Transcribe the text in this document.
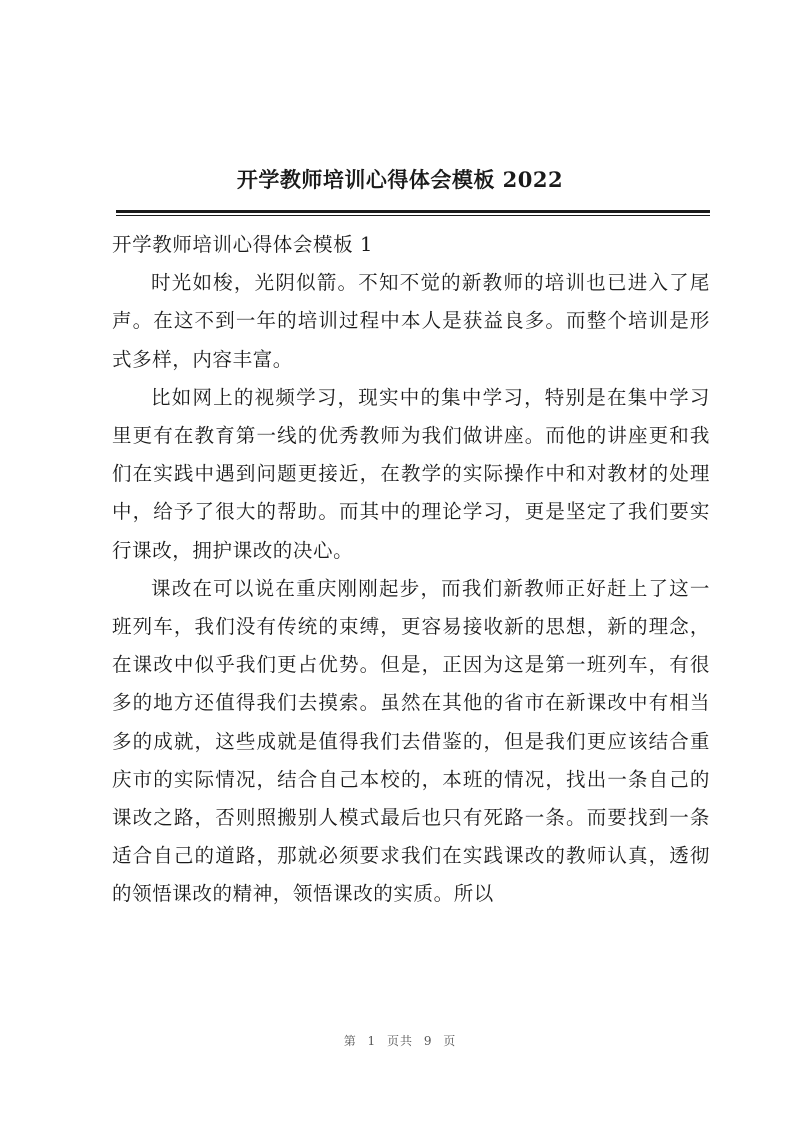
开学教师培训心得体会模板 2022
开学教师培训心得体会模板 1

时光如梭，光阴似箭。不知不觉的新教师的培训也已进入了尾声。在这不到一年的培训过程中本人是获益良多。而整个培训是形式多样，内容丰富。

比如网上的视频学习，现实中的集中学习，特别是在集中学习里更有在教育第一线的优秀教师为我们做讲座。而他的讲座更和我们在实践中遇到问题更接近，在教学的实际操作中和对教材的处理中，给予了很大的帮助。而其中的理论学习，更是坚定了我们要实行课改，拥护课改的决心。

课改在可以说在重庆刚刚起步，而我们新教师正好赶上了这一班列车，我们没有传统的束缚，更容易接收新的思想，新的理念，在课改中似乎我们更占优势。但是，正因为这是第一班列车，有很多的地方还值得我们去摸索。虽然在其他的省市在新课改中有相当多的成就，这些成就是值得我们去借鉴的，但是我们更应该结合重庆市的实际情况，结合自己本校的，本班的情况，找出一条自己的课改之路，否则照搬别人模式最后也只有死路一条。而要找到一条适合自己的道路，那就必须要求我们在实践课改的教师认真，透彻的领悟课改的精神，领悟课改的实质。所以

第 1 页共 9 页
